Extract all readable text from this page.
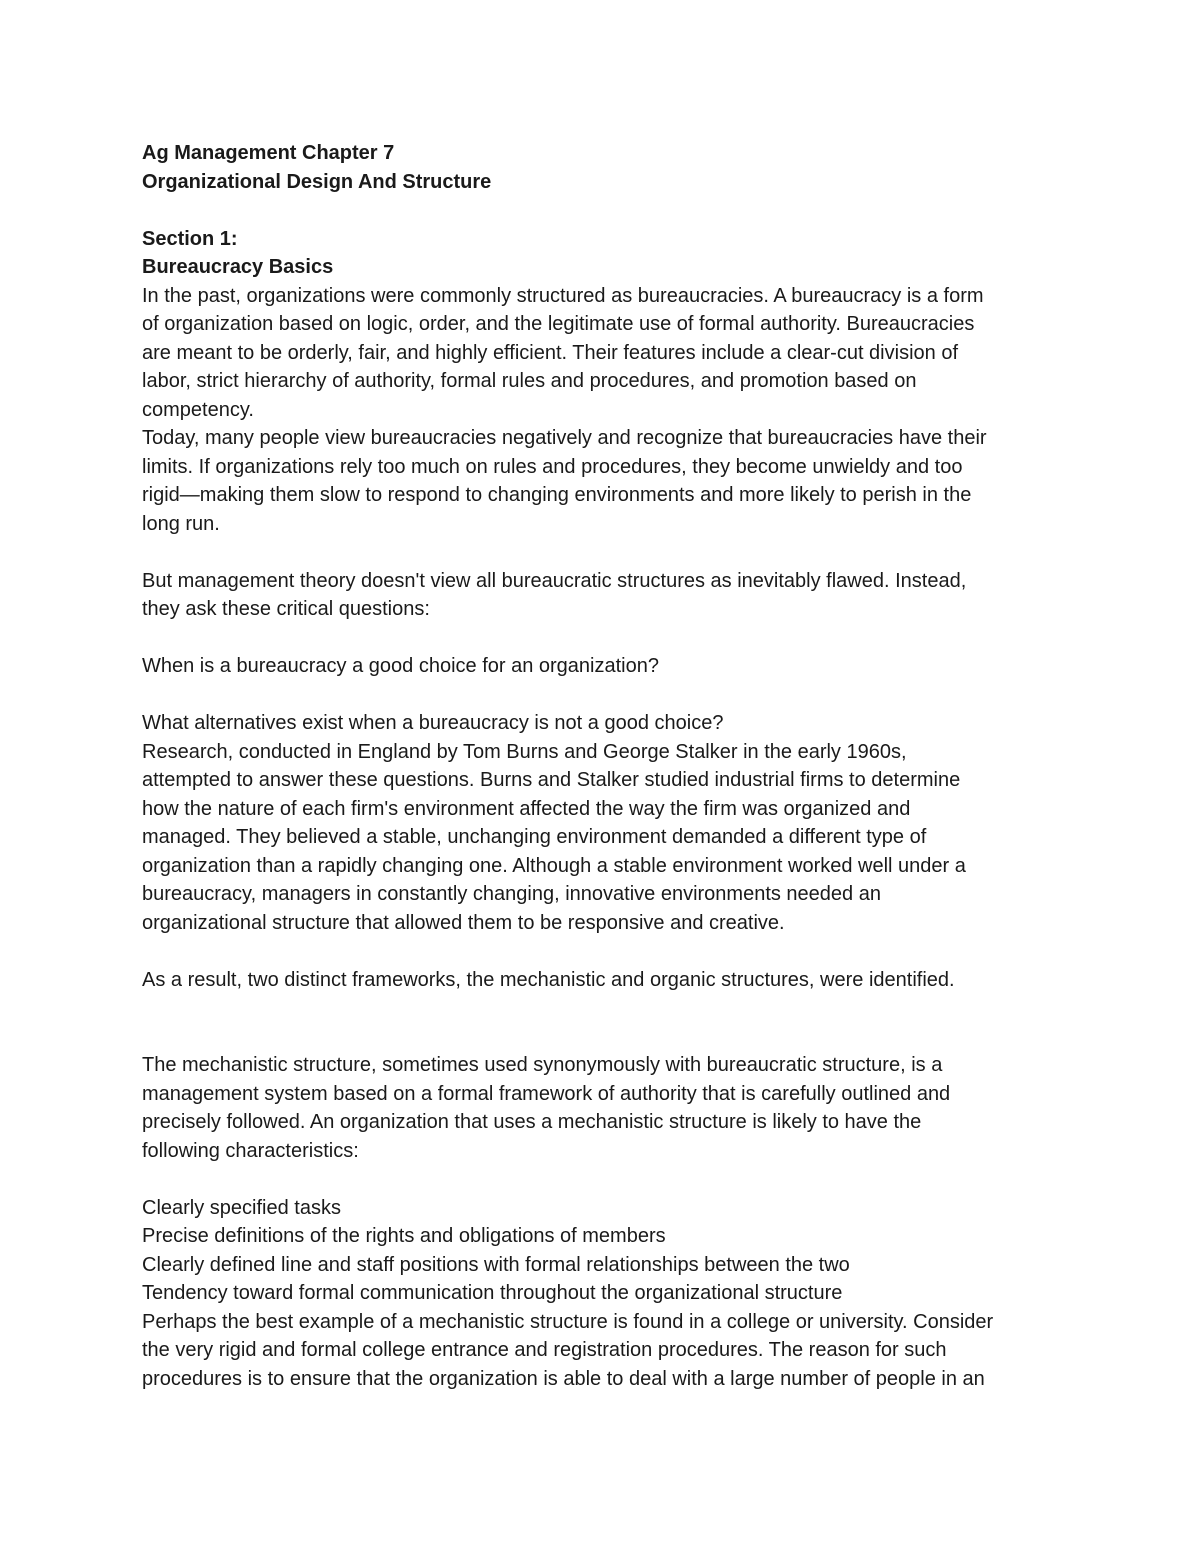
Ag Management Chapter 7
Organizational Design And Structure
Section 1:
Bureaucracy Basics
In the past, organizations were commonly structured as bureaucracies. A bureaucracy is a form
of organization based on logic, order, and the legitimate use of formal authority. Bureaucracies
are meant to be orderly, fair, and highly efficient. Their features include a clear-cut division of
labor, strict hierarchy of authority, formal rules and procedures, and promotion based on
competency.
Today, many people view bureaucracies negatively and recognize that bureaucracies have their
limits. If organizations rely too much on rules and procedures, they become unwieldy and too
rigid—making them slow to respond to changing environments and more likely to perish in the
long run.
But management theory doesn't view all bureaucratic structures as inevitably flawed. Instead,
they ask these critical questions:
When is a bureaucracy a good choice for an organization?
What alternatives exist when a bureaucracy is not a good choice?
Research, conducted in England by Tom Burns and George Stalker in the early 1960s,
attempted to answer these questions. Burns and Stalker studied industrial firms to determine
how the nature of each firm's environment affected the way the firm was organized and
managed. They believed a stable, unchanging environment demanded a different type of
organization than a rapidly changing one. Although a stable environment worked well under a
bureaucracy, managers in constantly changing, innovative environments needed an
organizational structure that allowed them to be responsive and creative.
As a result, two distinct frameworks, the mechanistic and organic structures, were identified.
The mechanistic structure, sometimes used synonymously with bureaucratic structure, is a
management system based on a formal framework of authority that is carefully outlined and
precisely followed. An organization that uses a mechanistic structure is likely to have the
following characteristics:
Clearly specified tasks
Precise definitions of the rights and obligations of members
Clearly defined line and staff positions with formal relationships between the two
Tendency toward formal communication throughout the organizational structure
Perhaps the best example of a mechanistic structure is found in a college or university. Consider
the very rigid and formal college entrance and registration procedures. The reason for such
procedures is to ensure that the organization is able to deal with a large number of people in an
